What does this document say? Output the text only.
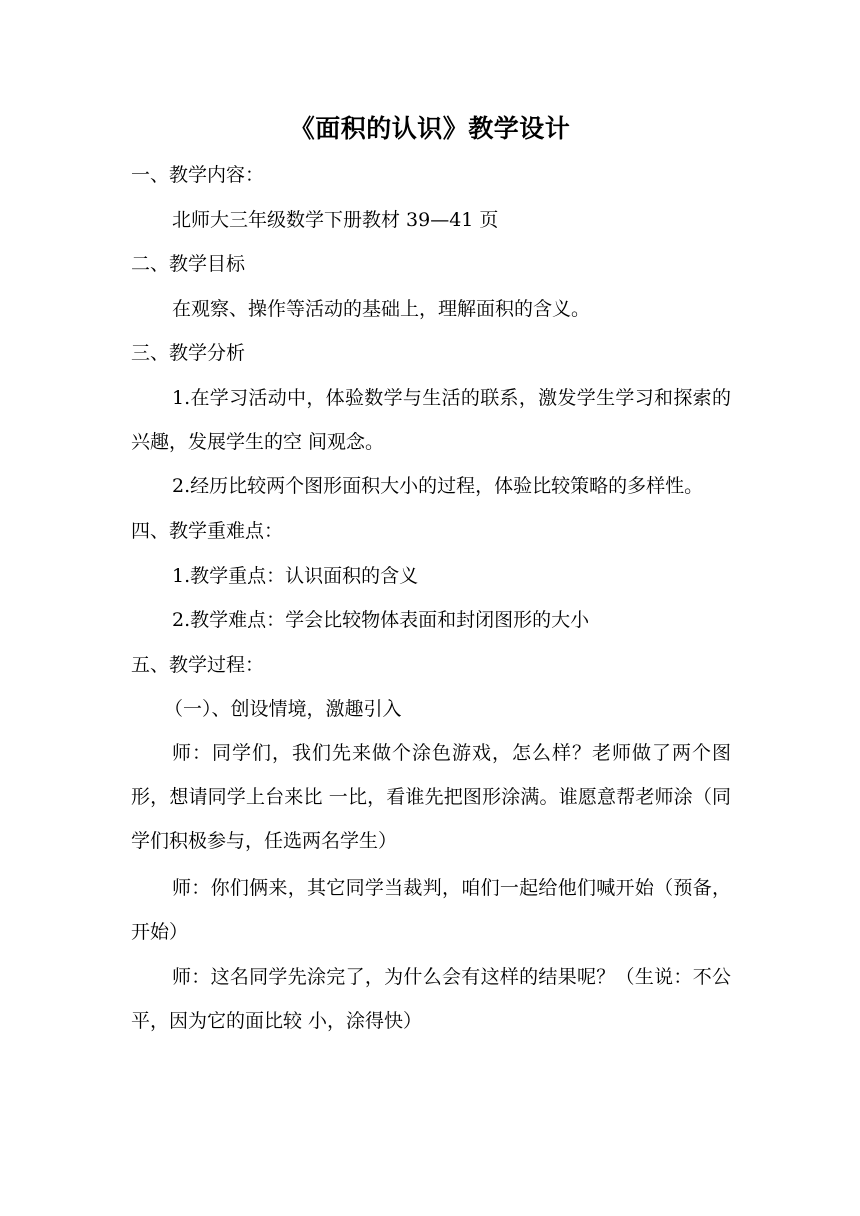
《面积的认识》教学设计
一、教学内容：
北师大三年级数学下册教材 39—41 页
二、教学目标
在观察、操作等活动的基础上，理解面积的含义。
三、教学分析
1.在学习活动中，体验数学与生活的联系，激发学生学习和探索的兴趣，发展学生的空 间观念。
2.经历比较两个图形面积大小的过程，体验比较策略的多样性。
四、教学重难点：
1.教学重点：认识面积的含义
2.教学难点：学会比较物体表面和封闭图形的大小
五、教学过程：
（一）、创设情境，激趣引入
师：同学们，我们先来做个涂色游戏，怎么样？老师做了两个图形，想请同学上台来比 一比，看谁先把图形涂满。谁愿意帮老师涂（同学们积极参与，任选两名学生）
师：你们俩来，其它同学当裁判，咱们一起给他们喊开始（预备，开始）
师：这名同学先涂完了，为什么会有这样的结果呢？（生说：不公平，因为它的面比较 小，涂得快）
